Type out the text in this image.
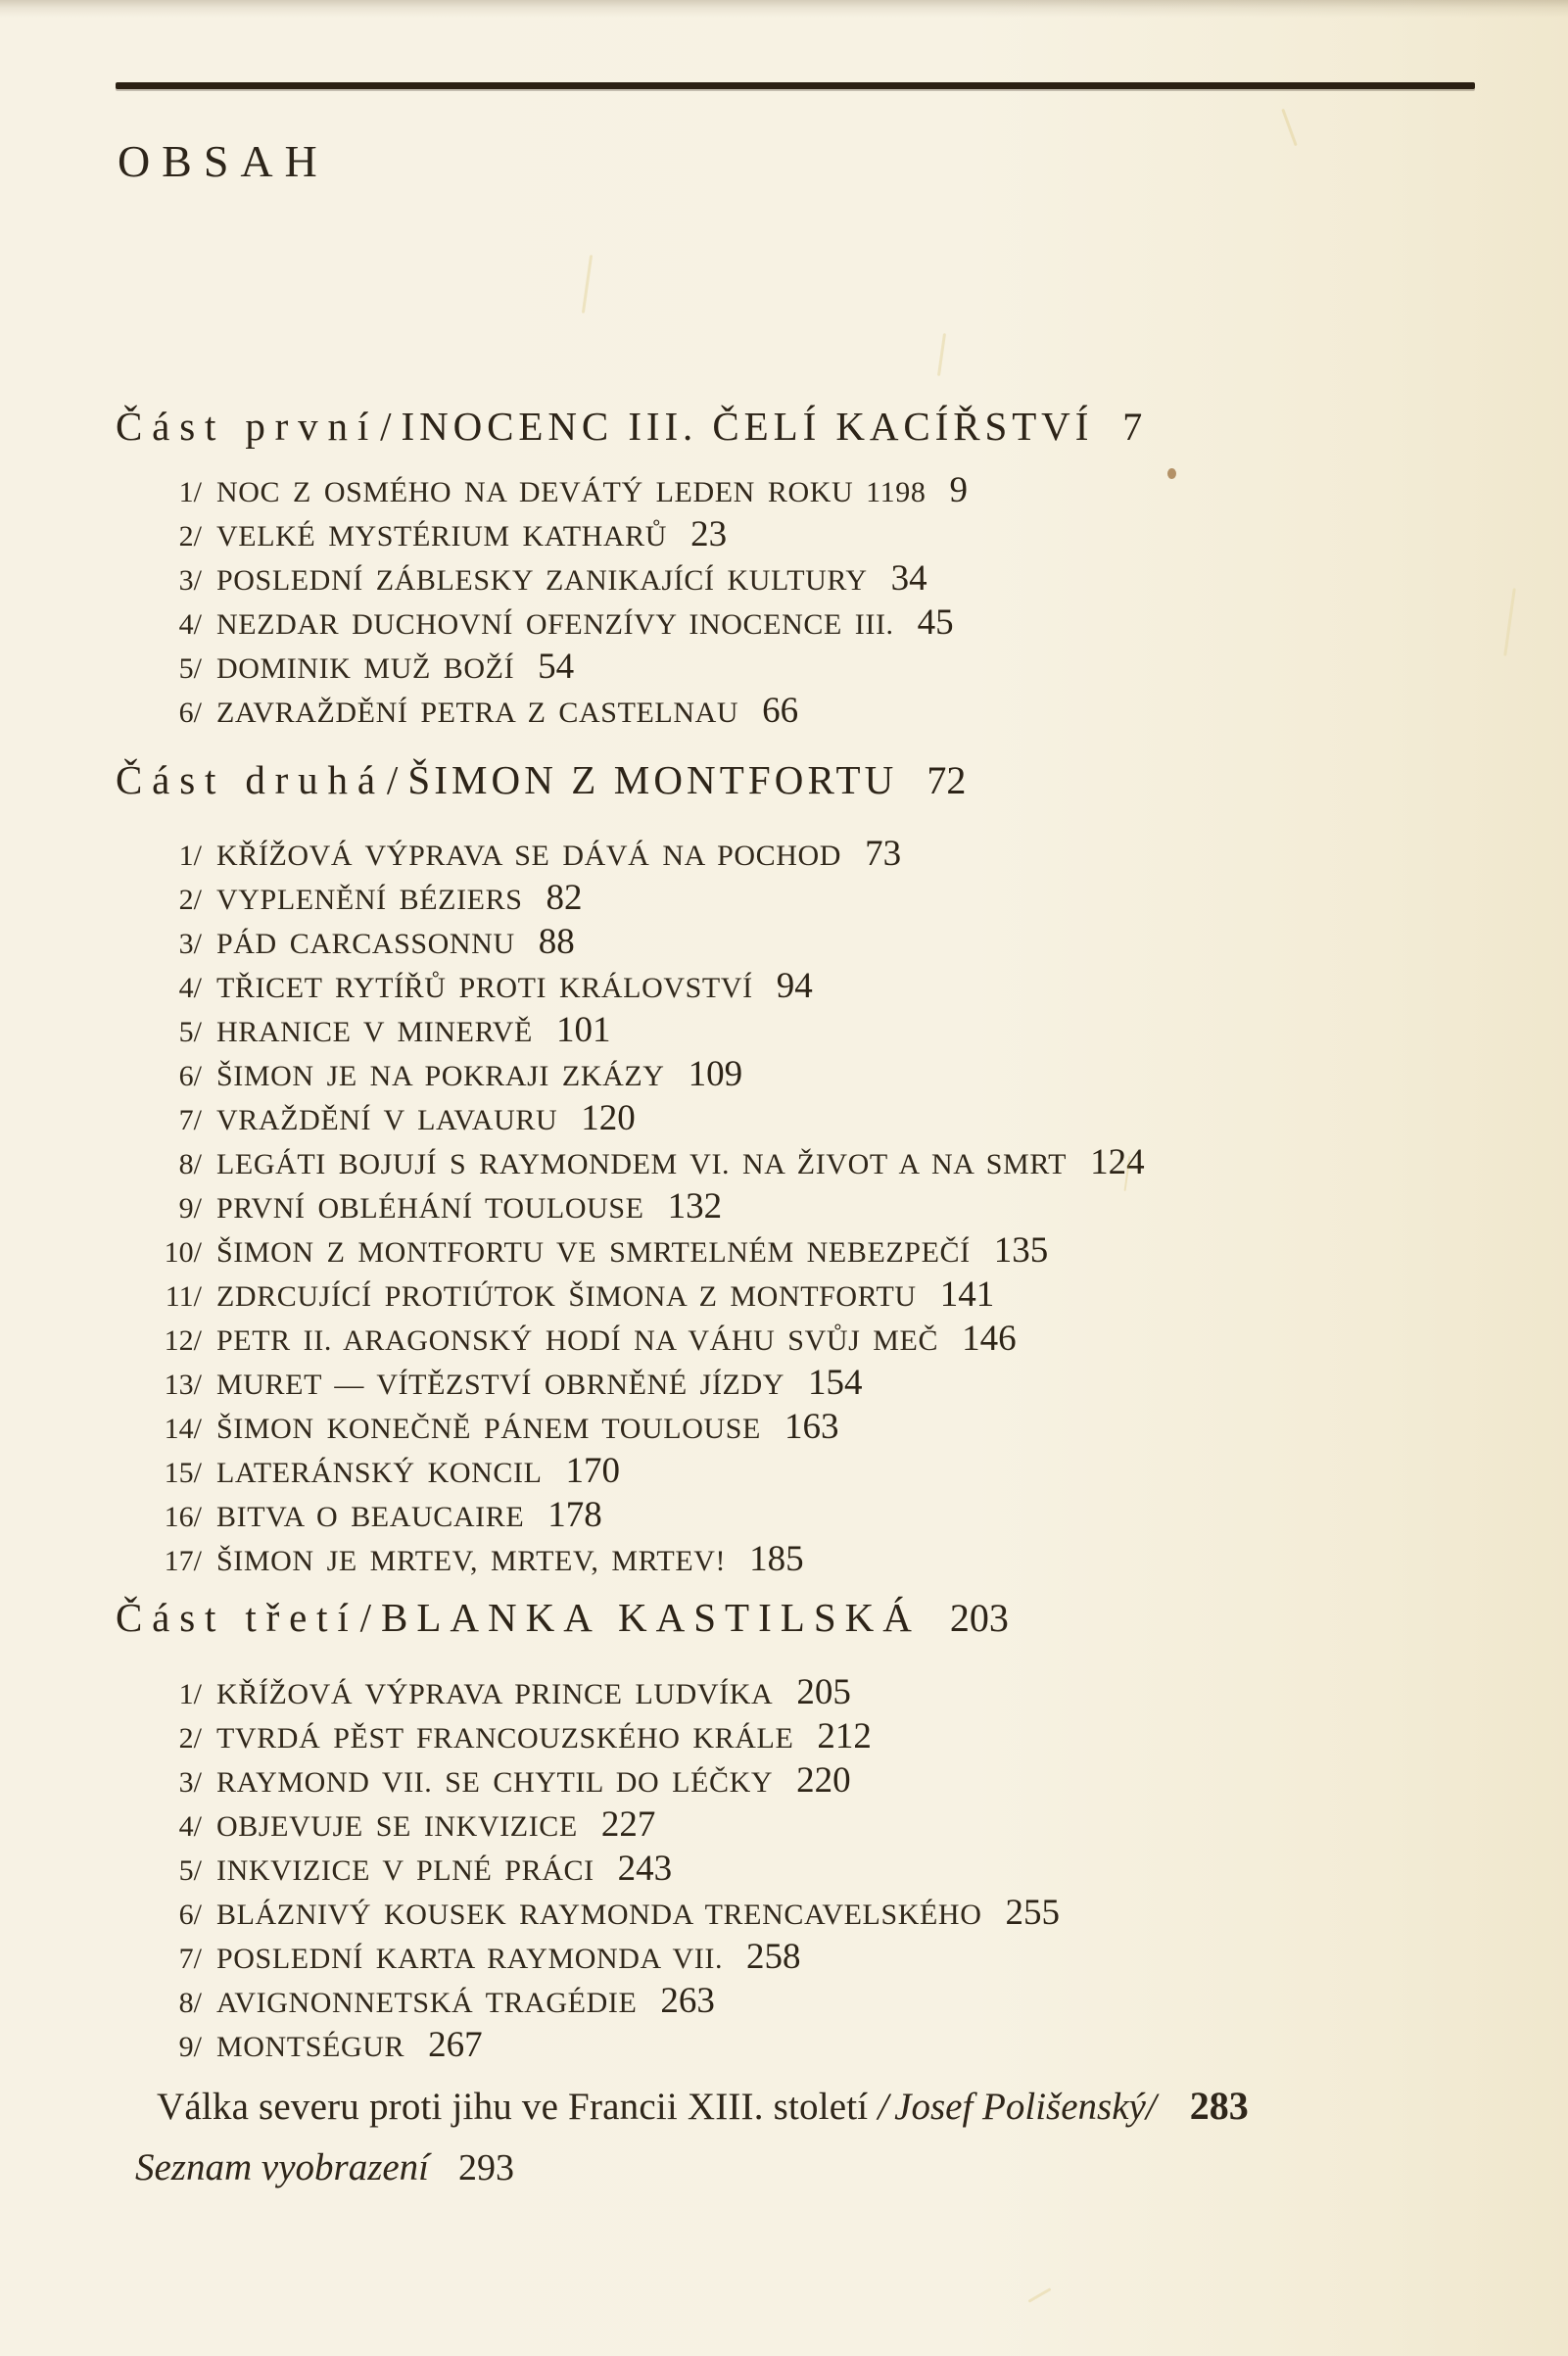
OBSAH
Část první/ INOCENC III. ČELÍ KACÍŘSTVÍ 7
1/ NOC Z OSMÉHO NA DEVÁTÝ LEDEN ROKU 1198 9
2/ VELKÉ MYSTÉRIUM KATHARŮ 23
3/ POSLEDNÍ ZÁBLESKY ZANIKAJÍCÍ KULTURY 34
4/ NEZDAR DUCHOVNÍ OFENZÍVY INOCENCE III. 45
5/ DOMINIK MUŽ BOŽÍ 54
6/ ZAVRAŽDĚNÍ PETRA Z CASTELNAU 66
Část druhá/ ŠIMON Z MONTFORTU 72
1/ KŘÍŽOVÁ VÝPRAVA SE DÁVÁ NA POCHOD 73
2/ VYPLENĚNÍ BÉZIERS 82
3/ PÁD CARCASSONNU 88
4/ TŘICET RYTÍŘŮ PROTI KRÁLOVSTVÍ 94
5/ HRANICE V MINERVĚ 101
6/ ŠIMON JE NA POKRAJI ZKÁZY 109
7/ VRAŽDĚNÍ V LAVAURU 120
8/ LEGÁTI BOJUJÍ S RAYMONDEM VI. NA ŽIVOT A NA SMRT 124
9/ PRVNÍ OBLÉHÁNÍ TOULOUSE 132
10/ ŠIMON Z MONTFORTU VE SMRTELNÉM NEBEZPEČÍ 135
11/ ZDRCUJÍCÍ PROTIÚTOK ŠIMONA Z MONTFORTU 141
12/ PETR II. ARAGONSKÝ HODÍ NA VÁHU SVŮJ MEČ 146
13/ MURET — VÍTĚZSTVÍ OBRNĚNÉ JÍZDY 154
14/ ŠIMON KONEČNĚ PÁNEM TOULOUSE 163
15/ LATERÁNSKÝ KONCIL 170
16/ BITVA O BEAUCAIRE 178
17/ ŠIMON JE MRTEV, MRTEV, MRTEV! 185
Část třetí/ BLANKA KASTILSKÁ 203
1/ KŘÍŽOVÁ VÝPRAVA PRINCE LUDVÍKA 205
2/ TVRDÁ PĚST FRANCOUZSKÉHO KRÁLE 212
3/ RAYMOND VII. SE CHYTIL DO LÉČKY 220
4/ OBJEVUJE SE INKVIZICE 227
5/ INKVIZICE V PLNÉ PRÁCI 243
6/ BLÁZNIVÝ KOUSEK RAYMONDA TRENCAVELSKÉHO 255
7/ POSLEDNÍ KARTA RAYMONDA VII. 258
8/ AVIGNONNETSKÁ TRAGÉDIE 263
9/ MONTSÉGUR 267
Válka severu proti jihu ve Francii XIII. století / Josef Polišenský/ 283
Seznam vyobrazení 293
